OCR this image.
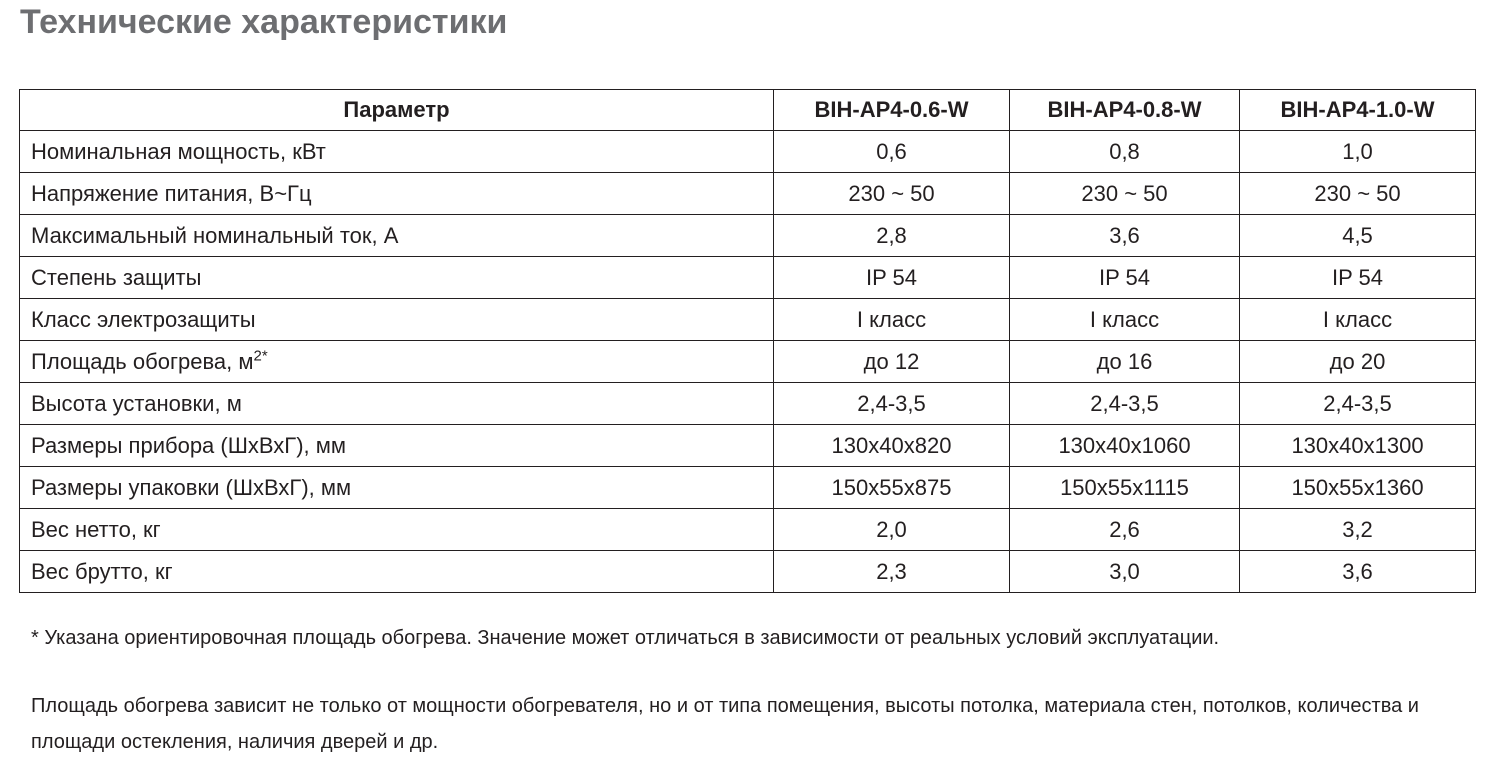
Технические характеристики
Параметр	BIH-AP4-0.6-W	BIH-AP4-0.8-W	BIH-AP4-1.0-W
Номинальная мощность, кВт	0,6	0,8	1,0
Напряжение питания, В~Гц	230 ~ 50	230 ~ 50	230 ~ 50
Максимальный номинальный ток, А	2,8	3,6	4,5
Степень защиты	IP 54	IP 54	IP 54
Класс электрозащиты	I класс	I класс	I класс
Площадь обогрева, $м^{2*}$	до 12	до 16	до 20
Высота установки, м	2,4-3,5	2,4-3,5	2,4-3,5
Размеры прибора (ШхВхГ), мм	130х40х820	130х40х1060	130х40х1300
Размеры упаковки (ШхВхГ), мм	150х55х875	150х55х1115	150х55х1360
Вес нетто, кг	2,0	2,6	3,2
Вес брутто, кг	2,3	3,0	3,6

* Указана ориентировочная площадь обогрева. Значение может отличаться в зависимости от реальных условий эксплуатации.

Площадь обогрева зависит не только от мощности обогревателя, но и от типа помещения, высоты потолка, материала стен, потолков, количества и площади остекления, наличия дверей и др.
